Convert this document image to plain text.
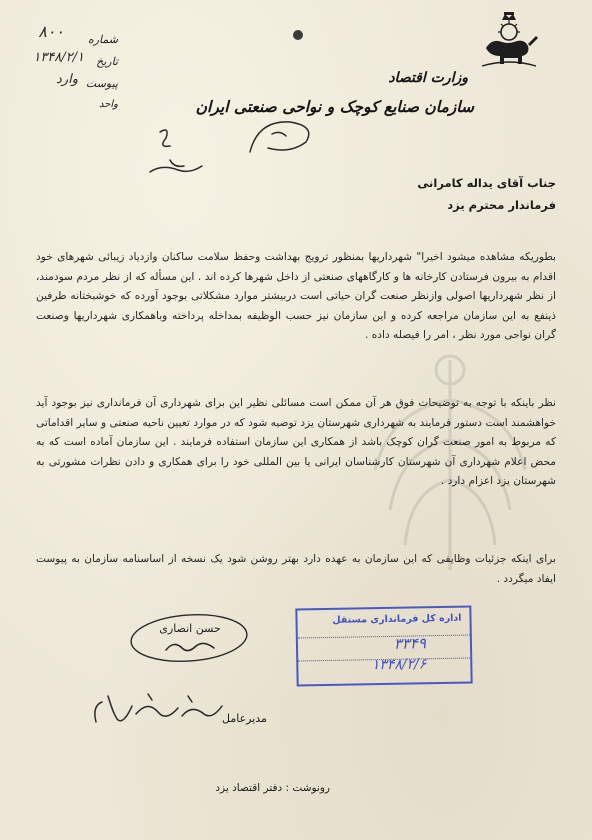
وزارت اقتصاد
سازمان صنایع کوچک و نواحی صنعتی ایران
شماره
۸۰۰
تاریخ
۱۳۴۸/۲/۱
پیوست
وارد
واحد
جناب آقای یداله کامرانی
فرماندار محترم یزد

بطوریکه مشاهده میشود اخیرا" شهرداریها بمنظور ترویج بهداشت وحفظ سلامت ساکنان وازدیاد زیبائی شهرهای خود اقدام به بیرون فرستادن کارخانه ها و کارگاههای صنعتی از داخل شهرها کرده اند . این مسأله که از نظر مردم سودمند، از نظر شهرداریها اصولی وازنظر صنعت گران حیاتی است دربیشتر موارد مشکلاتی بوجود آورده که خوشبختانه طرفین ذینفع به این سازمان مراجعه کرده و این سازمان نیز حسب الوظیفه بمداخله پرداخته وباهمکاری شهرداریها وصنعت گران نواحی مورد نظر ، امر را فیصله داده .

نظر باینکه با توجه به توضیحات فوق هر آن ممکن است مسائلی نظیر این برای شهرداری آن فرمانداری نیز بوجود آید خواهشمند است دستور فرمایند به شهرداری شهرستان یزد توصیه شود که در موارد تعیین ناحیه صنعتی و سایر اقداماتی که مربوط به امور صنعت گران کوچک باشد از همکاری این سازمان استفاده فرمایند . این سازمان آماده است که به محض اعلام شهرداری آن شهرستان کارشناسان ایرانی یا بین المللی خود را برای همکاری و دادن نظرات مشورتی به شهرستان یزد اعزام دارد .

برای اینکه جزئیات وظایفی که این سازمان به عهده دارد بهتر روشن شود یک نسخه از اساسنامه سازمان به پیوست ایفاد میگردد .

حسن انصاری
مدیرعامل
اداره کل فرمانداری مستقل
۳۳۴۹
۱۳۴۸/۲/۶
رونوشت : دفتر اقتصاد یزد
